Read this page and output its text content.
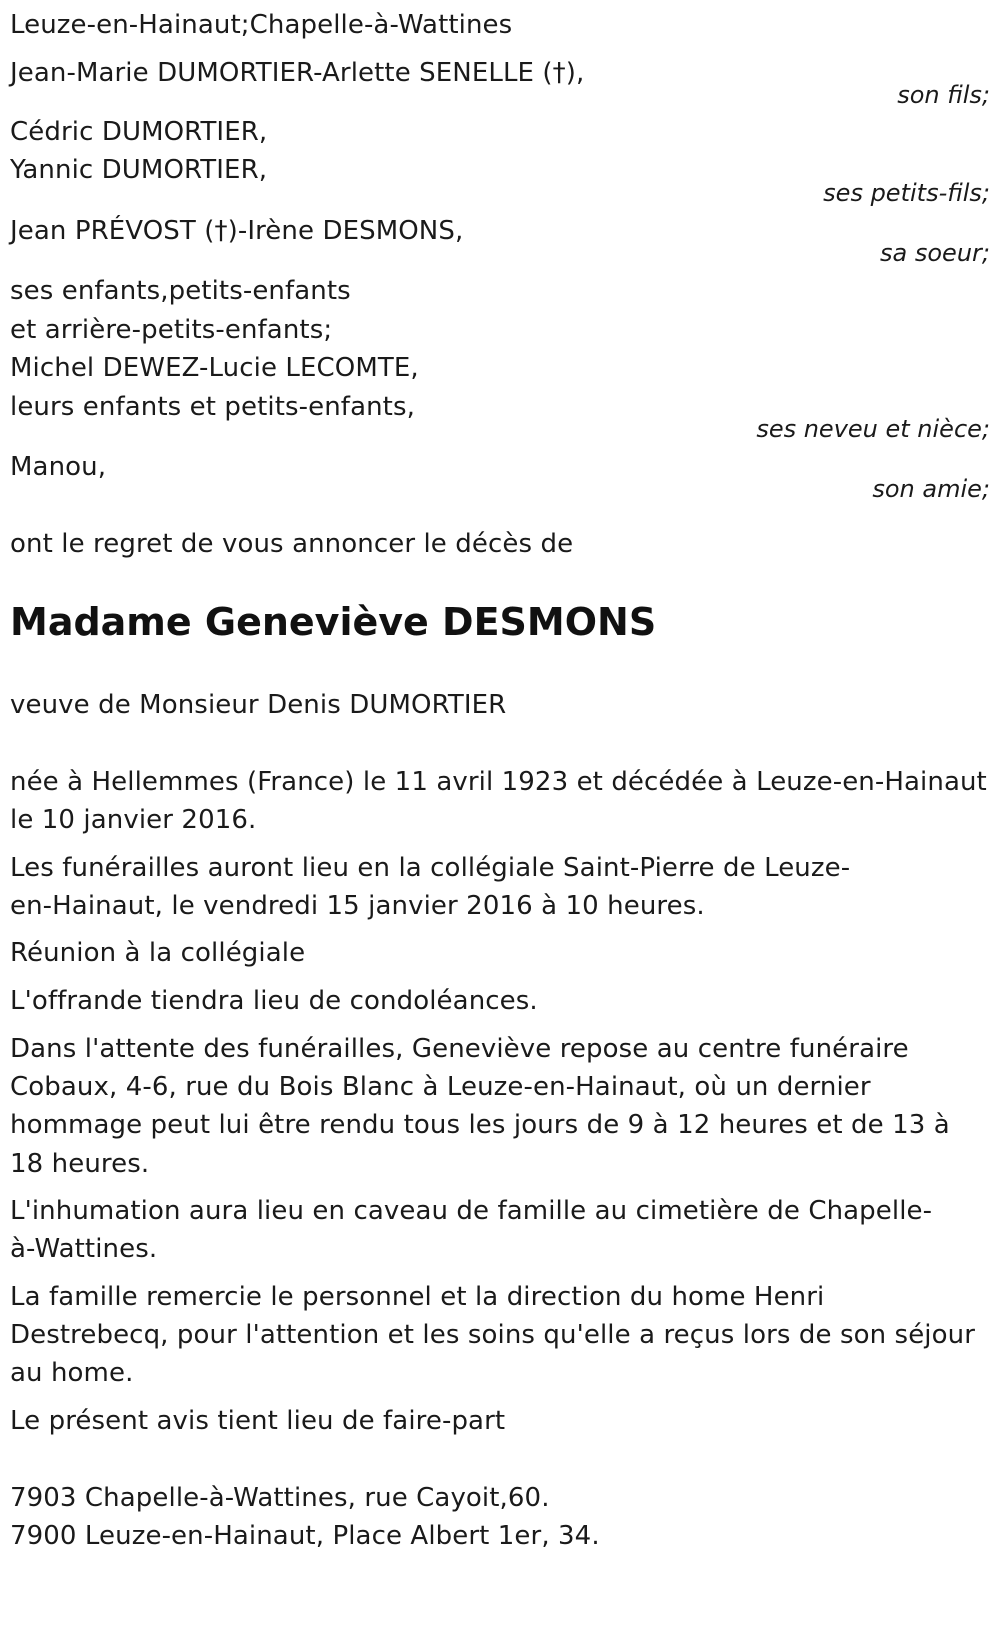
Leuze-en-Hainaut;Chapelle-à-Wattines
Jean-Marie DUMORTIER-Arlette SENELLE (†),
son fils;
Cédric DUMORTIER,
Yannic DUMORTIER,
ses petits-fils;
Jean PRÉVOST (†)-Irène DESMONS,
sa soeur;
ses enfants,petits-enfants
et arrière-petits-enfants;
Michel DEWEZ-Lucie LECOMTE,
leurs enfants et petits-enfants,
ses neveu et nièce;
Manou,
son amie;
ont le regret de vous annoncer le décès de
Madame Geneviève DESMONS
veuve de Monsieur Denis DUMORTIER
née à Hellemmes (France) le 11 avril 1923 et décédée à Leuze-en-Hainaut
le 10 janvier 2016.
Les funérailles auront lieu en la collégiale Saint-Pierre de Leuze-
en-Hainaut, le vendredi 15 janvier 2016 à 10 heures.
Réunion à la collégiale
L'offrande tiendra lieu de condoléances.
Dans l'attente des funérailles, Geneviève repose au centre funéraire
Cobaux, 4-6, rue du Bois Blanc à Leuze-en-Hainaut, où un dernier
hommage peut lui être rendu tous les jours de 9 à 12 heures et de 13 à
18 heures.
L'inhumation aura lieu en caveau de famille au cimetière de Chapelle-
à-Wattines.
La famille remercie le personnel et la direction du home Henri
Destrebecq, pour l'attention et les soins qu'elle a reçus lors de son séjour
au home.
Le présent avis tient lieu de faire-part
7903 Chapelle-à-Wattines, rue Cayoit,60.
7900 Leuze-en-Hainaut, Place Albert 1er, 34.
